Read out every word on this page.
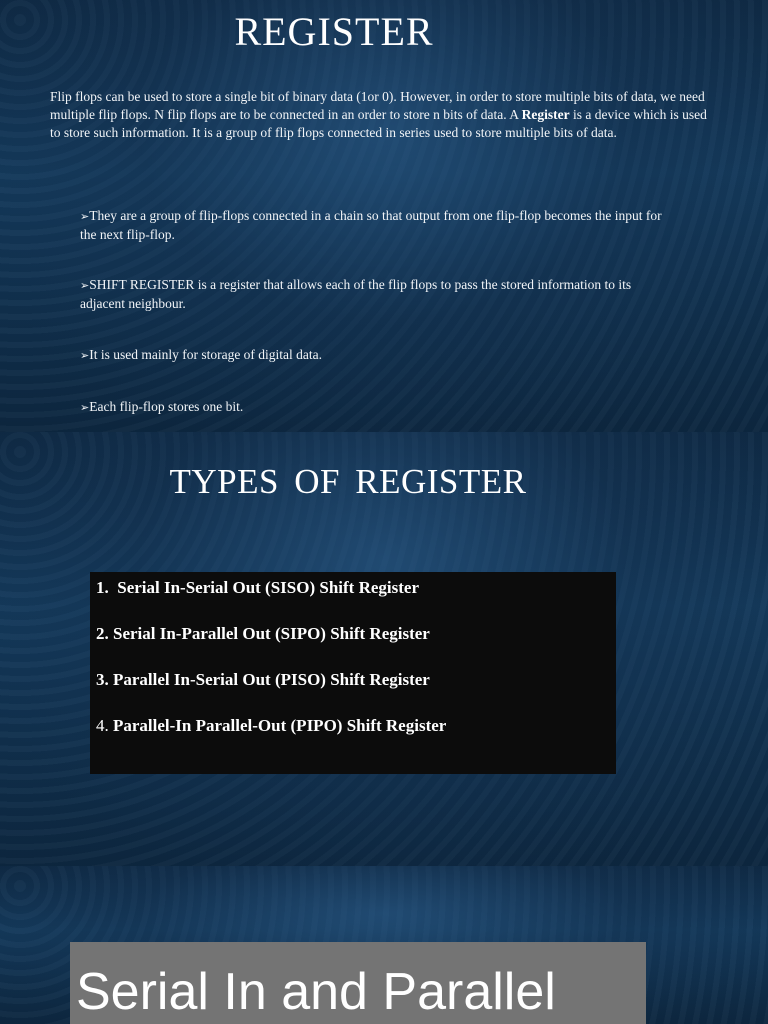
REGISTER

Flip flops can be used to store a single bit of binary data (1or 0). However, in order to store multiple bits of data, we need multiple flip flops. N flip flops are to be connected in an order to store n bits of data. A Register is a device which is used to store such information. It is a group of flip flops connected in series used to store multiple bits of data.

➢They are a group of flip-flops connected in a chain so that output from one flip-flop becomes the input for the next flip-flop.
➢SHIFT REGISTER is a register that allows each of the flip flops to pass the stored information to its adjacent neighbour.
➢It is used mainly for storage of digital data.
➢Each flip-flop stores one bit.
TYPES OF REGISTER
1. Serial In-Serial Out (SISO) Shift Register
2. Serial In-Parallel Out (SIPO) Shift Register
3. Parallel In-Serial Out (PISO) Shift Register
4. Parallel-In Parallel-Out (PIPO) Shift Register
Serial In and Parallel
